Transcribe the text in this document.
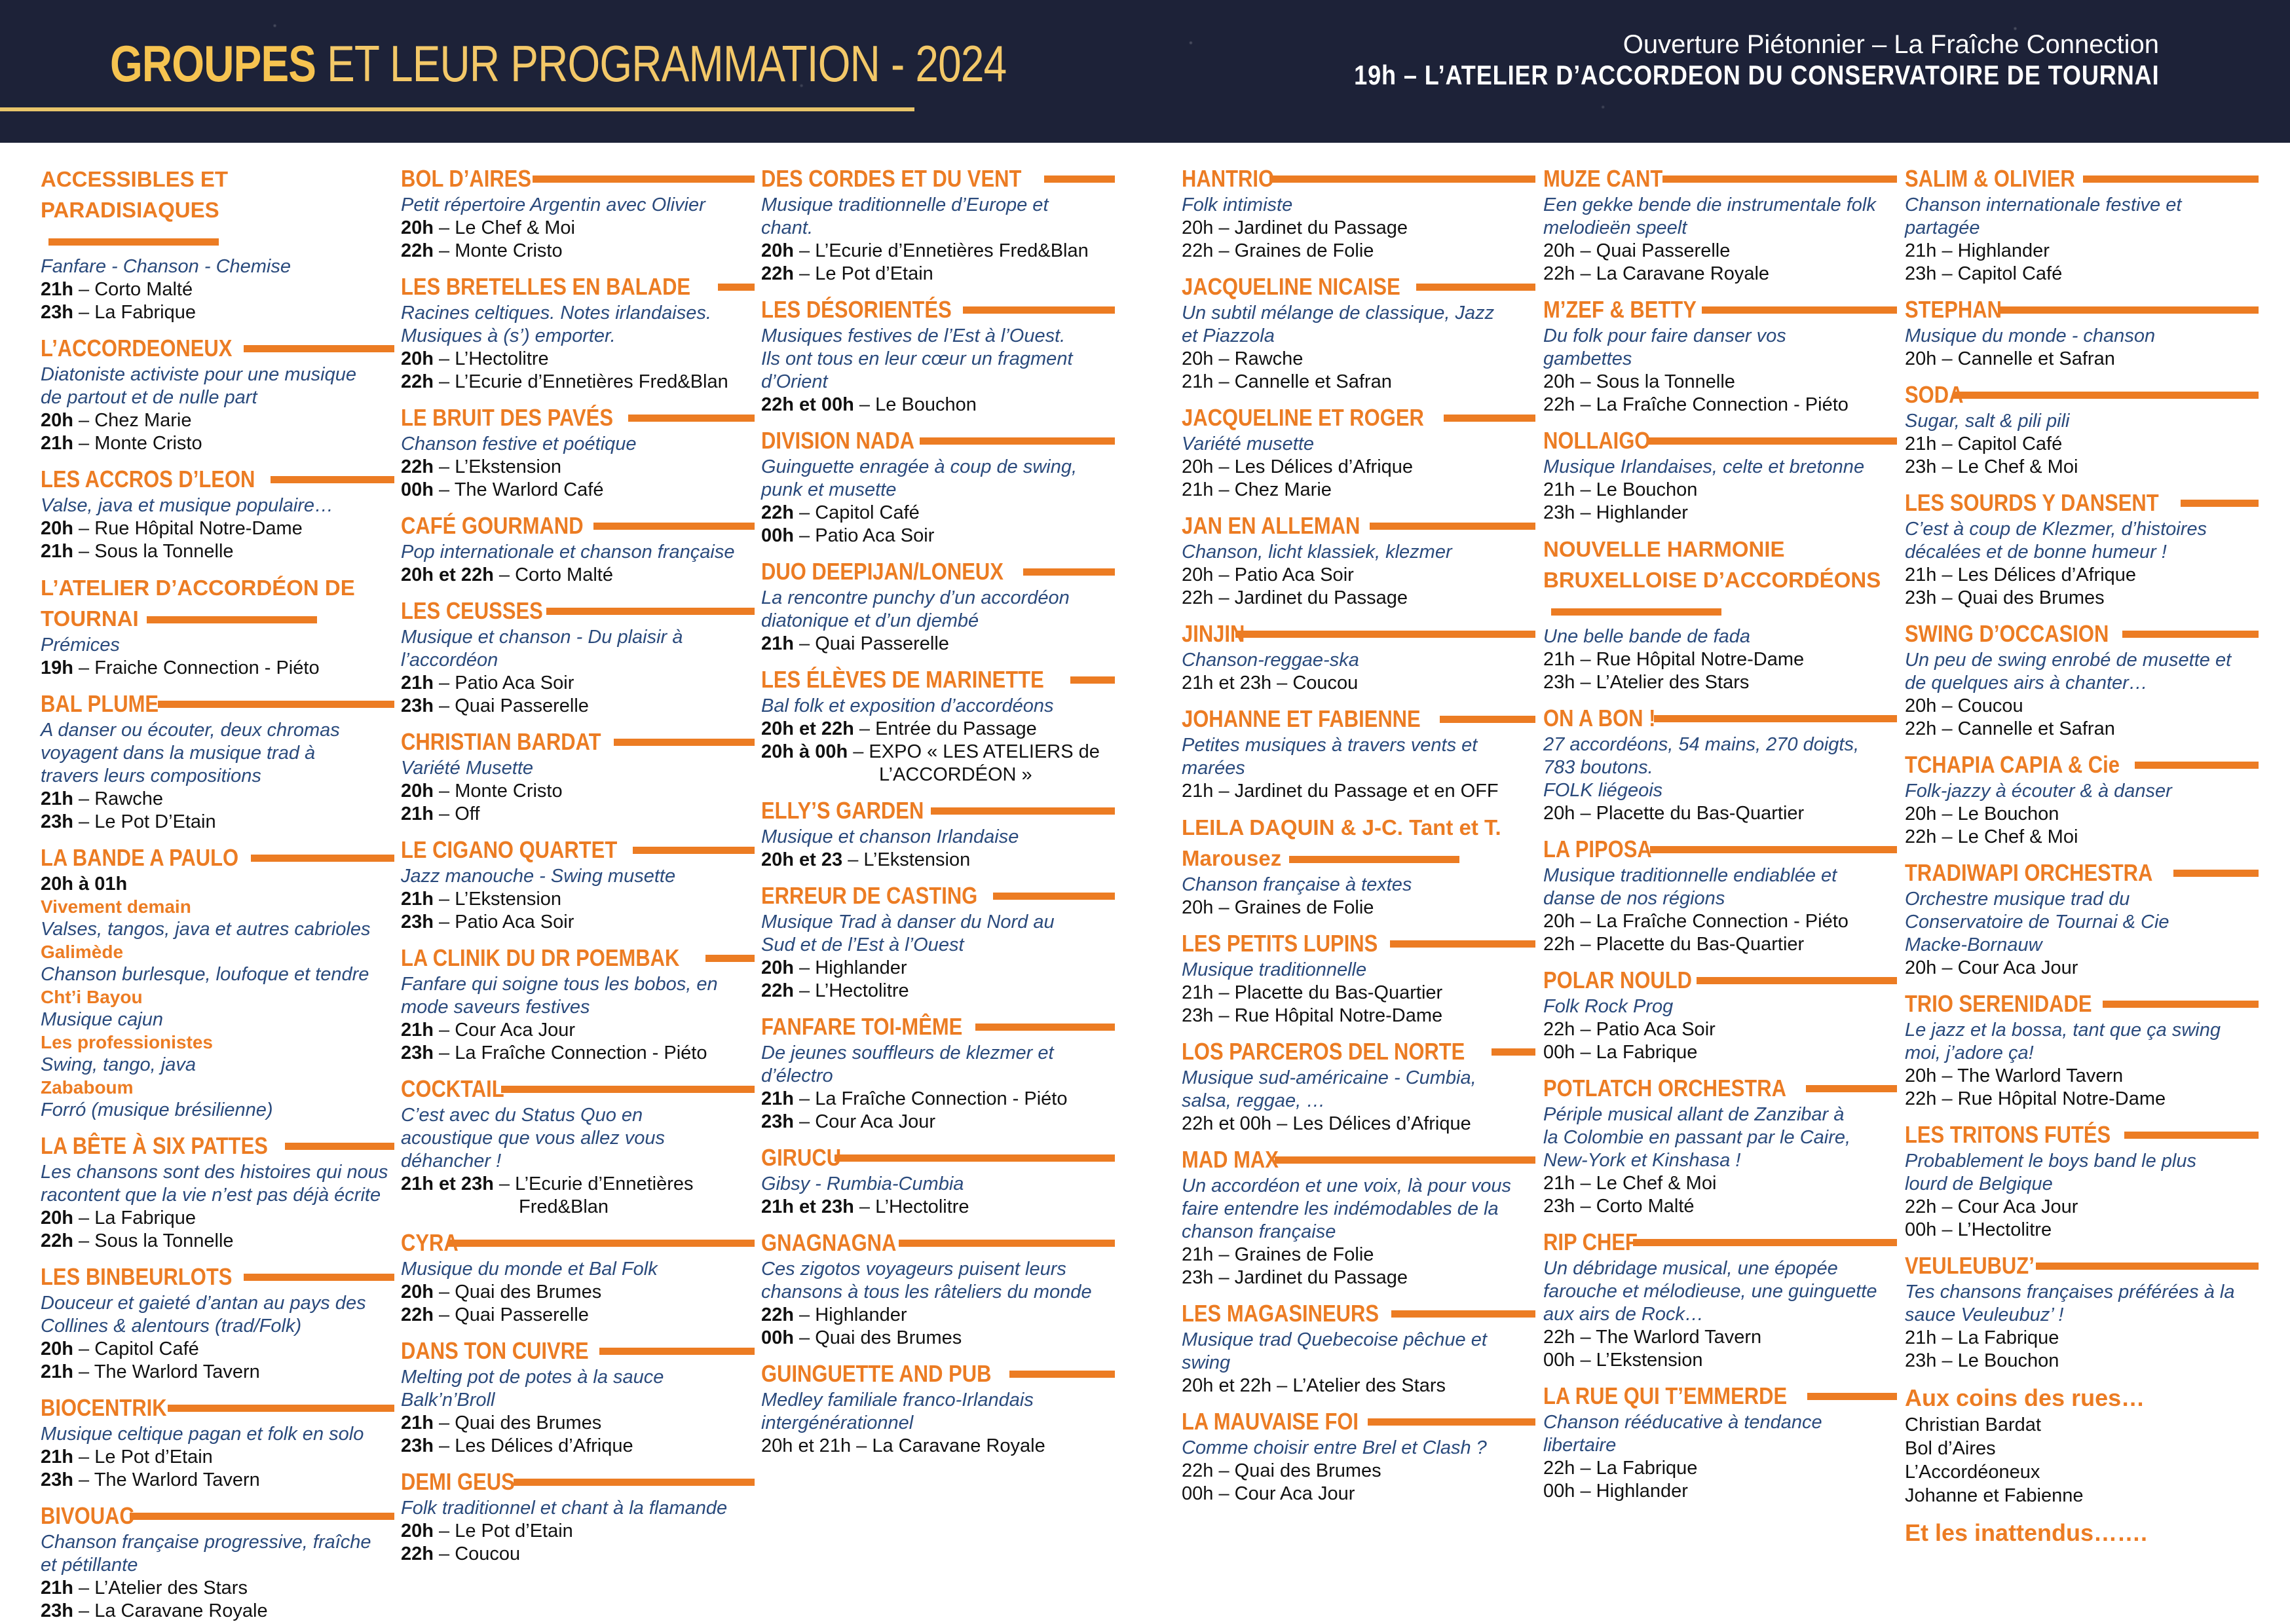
GROUPES ET LEUR PROGRAMMATION - 2024	Ouverture Piétonnier – La Fraîche Connection
19h – L’ATELIER D’ACCORDEON DU CONSERVATOIRE DE TOURNAI
ACCESSIBLES ET PARADISIAQUES
Fanfare - Chanson - Chemise
21h – Corto Malté
23h – La Fabrique
L’ACCORDEONEUX
Diatoniste activiste pour une musique
de partout et de nulle part
20h – Chez Marie
21h – Monte Cristo
LES ACCROS D’LEON
Valse, java et musique populaire…
20h – Rue Hôpital Notre-Dame
21h – Sous la Tonnelle
L’ATELIER D’ACCORDÉON DE TOURNAI
Prémices
19h – Fraiche Connection - Piéto
BAL PLUME
A danser ou écouter, deux chromas
voyagent dans la musique trad à
travers leurs compositions
21h – Rawche
23h – Le Pot D’Etain
LA BANDE A PAULO
20h à 01h
Vivement demain
Valses, tangos, java et autres cabrioles
Galimède
Chanson burlesque, loufoque et tendre
Cht’i Bayou
Musique cajun
Les professionistes
Swing, tango, java
Zababoum
Forró (musique brésilienne)
LA BÊTE À SIX PATTES
Les chansons sont des histoires qui nous
racontent que la vie n’est pas déjà écrite
20h – La Fabrique
22h – Sous la Tonnelle
LES BINBEURLOTS
Douceur et gaieté d’antan au pays des
Collines & alentours (trad/Folk)
20h – Capitol Café
21h – The Warlord Tavern
BIOCENTRIK
Musique celtique pagan et folk en solo
21h – Le Pot d’Etain
23h – The Warlord Tavern
BIVOUAC
Chanson française progressive, fraîche
et pétillante
21h – L’Atelier des Stars
23h – La Caravane Royale
BOL D’AIRES
Petit répertoire Argentin avec Olivier
20h – Le Chef & Moi
22h – Monte Cristo
LES BRETELLES EN BALADE
Racines celtiques. Notes irlandaises.
Musiques à (s’) emporter.
20h – L’Hectolitre
22h – L’Ecurie d’Ennetières Fred&Blan
LE BRUIT DES PAVÉS
Chanson festive et poétique
22h – L’Ekstension
00h – The Warlord Café
CAFÉ GOURMAND
Pop internationale et chanson française
20h et 22h – Corto Malté
LES CEUSSES
Musique et chanson - Du plaisir à
l’accordéon
21h – Patio Aca Soir
23h – Quai Passerelle
CHRISTIAN BARDAT
Variété Musette
20h – Monte Cristo
21h – Off
LE CIGANO QUARTET
Jazz manouche - Swing musette
21h – L’Ekstension
23h – Patio Aca Soir
LA CLINIK DU DR POEMBAK
Fanfare qui soigne tous les bobos, en
mode saveurs festives
21h – Cour Aca Jour
23h – La Fraîche Connection - Piéto
COCKTAIL
C’est avec du Status Quo en
acoustique que vous allez vous
déhancher !
21h et 23h – L’Ecurie d’Ennetières
Fred&Blan
CYRA
Musique du monde et Bal Folk
20h – Quai des Brumes
22h – Quai Passerelle
DANS TON CUIVRE
Melting pot de potes à la sauce
Balk’n’Broll
21h – Quai des Brumes
23h – Les Délices d’Afrique
DEMI GEUS
Folk traditionnel et chant à la flamande
20h – Le Pot d’Etain
22h – Coucou
DES CORDES ET DU VENT
Musique traditionnelle d’Europe et
chant.
20h – L’Ecurie d’Ennetières Fred&Blan
22h – Le Pot d’Etain
LES DÉSORIENTÉS
Musiques festives de l’Est à l’Ouest.
Ils ont tous en leur cœur un fragment
d’Orient
22h et 00h – Le Bouchon
DIVISION NADA
Guinguette enragée à coup de swing,
punk et musette
22h – Capitol Café
00h – Patio Aca Soir
DUO DEEPIJAN/LONEUX
La rencontre punchy d’un accordéon
diatonique et d’un djembé
21h – Quai Passerelle
LES ÉLÈVES DE MARINETTE
Bal folk et exposition d’accordéons
20h et 22h – Entrée du Passage
20h à 00h – EXPO « LES ATELIERS de
L’ACCORDÉON »
ELLY’S GARDEN
Musique et chanson Irlandaise
20h et 23 – L’Ekstension
ERREUR DE CASTING
Musique Trad à danser du Nord au
Sud et de l’Est à l’Ouest
20h – Highlander
22h – L’Hectolitre
FANFARE TOI-MÊME
De jeunes souffleurs de klezmer et
d’électro
21h – La Fraîche Connection - Piéto
23h – Cour Aca Jour
GIRUCU
Gibsy - Rumbia-Cumbia
21h et 23h – L’Hectolitre
GNAGNAGNA
Ces zigotos voyageurs puisent leurs
chansons à tous les râteliers du monde
22h – Highlander
00h – Quai des Brumes
GUINGUETTE AND PUB
Medley familiale franco-Irlandais
intergénérationnel
20h et 21h – La Caravane Royale
HANTRIO
Folk intimiste
20h – Jardinet du Passage
22h – Graines de Folie
JACQUELINE NICAISE
Un subtil mélange de classique, Jazz
et Piazzola
20h – Rawche
21h – Cannelle et Safran
JACQUELINE ET ROGER
Variété musette
20h – Les Délices d’Afrique
21h – Chez Marie
JAN EN ALLEMAN
Chanson, licht klassiek, klezmer
20h – Patio Aca Soir
22h – Jardinet du Passage
JINJIN
Chanson-reggae-ska
21h et 23h – Coucou
JOHANNE ET FABIENNE
Petites musiques à travers vents et
marées
21h – Jardinet du Passage et en OFF
LEILA DAQUIN & J-C. Tant et T. Marousez
Chanson française à textes
20h – Graines de Folie
LES PETITS LUPINS
Musique traditionnelle
21h – Placette du Bas-Quartier
23h – Rue Hôpital Notre-Dame
LOS PARCEROS DEL NORTE
Musique sud-américaine - Cumbia,
salsa, reggae, …
22h et 00h – Les Délices d’Afrique
MAD MAX
Un accordéon et une voix, là pour vous
faire entendre les indémodables de la
chanson française
21h – Graines de Folie
23h – Jardinet du Passage
LES MAGASINEURS
Musique trad Quebecoise pêchue et
swing
20h et 22h – L’Atelier des Stars
LA MAUVAISE FOI
Comme choisir entre Brel et Clash ?
22h – Quai des Brumes
00h – Cour Aca Jour
MUZE CANT
Een gekke bende die instrumentale folk
melodieën speelt
20h – Quai Passerelle
22h – La Caravane Royale
M’ZEF & BETTY
Du folk pour faire danser vos
gambettes
20h – Sous la Tonnelle
22h – La Fraîche Connection - Piéto
NOLLAIGO
Musique Irlandaises, celte et bretonne
21h – Le Bouchon
23h – Highlander
NOUVELLE HARMONIE BRUXELLOISE D’ACCORDÉONS
Une belle bande de fada
21h – Rue Hôpital Notre-Dame
23h – L’Atelier des Stars
ON A BON !
27 accordéons, 54 mains, 270 doigts,
783 boutons.
FOLK liégeois
20h – Placette du Bas-Quartier
LA PIPOSA
Musique traditionnelle endiablée et
danse de nos régions
20h – La Fraîche Connection - Piéto
22h – Placette du Bas-Quartier
POLAR NOULD
Folk Rock Prog
22h – Patio Aca Soir
00h – La Fabrique
POTLATCH ORCHESTRA
Périple musical allant de Zanzibar à
la Colombie en passant par le Caire,
New-York et Kinshasa !
21h – Le Chef & Moi
23h – Corto Malté
RIP CHEF
Un débridage musical, une épopée
farouche et mélodieuse, une guinguette
aux airs de Rock…
22h – The Warlord Tavern
00h – L’Ekstension
LA RUE QUI T’EMMERDE
Chanson rééducative à tendance
libertaire
22h – La Fabrique
00h – Highlander
SALIM & OLIVIER
Chanson internationale festive et
partagée
21h – Highlander
23h – Capitol Café
STEPHAN
Musique du monde - chanson
20h – Cannelle et Safran
SODA
Sugar, salt & pili pili
21h – Capitol Café
23h – Le Chef & Moi
LES SOURDS Y DANSENT
C’est à coup de Klezmer, d’histoires
décalées et de bonne humeur !
21h – Les Délices d’Afrique
23h – Quai des Brumes
SWING D’OCCASION
Un peu de swing enrobé de musette et
de quelques airs à chanter…
20h – Coucou
22h – Cannelle et Safran
TCHAPIA CAPIA & Cie
Folk-jazzy à écouter & à danser
20h – Le Bouchon
22h – Le Chef & Moi
TRADIWAPI ORCHESTRA
Orchestre musique trad du
Conservatoire de Tournai & Cie
Macke-Bornauw
20h – Cour Aca Jour
TRIO SERENIDADE
Le jazz et la bossa, tant que ça swing
moi, j’adore ça!
20h – The Warlord Tavern
22h – Rue Hôpital Notre-Dame
LES TRITONS FUTÉS
Probablement le boys band le plus
lourd de Belgique
22h – Cour Aca Jour
00h – L’Hectolitre
VEULEUBUZ’
Tes chansons françaises préférées à la
sauce Veuleubuz’ !
21h – La Fabrique
23h – Le Bouchon
Aux coins des rues…
Christian Bardat
Bol d’Aires
L’Accordéoneux
Johanne et Fabienne
Et les inattendus…….
